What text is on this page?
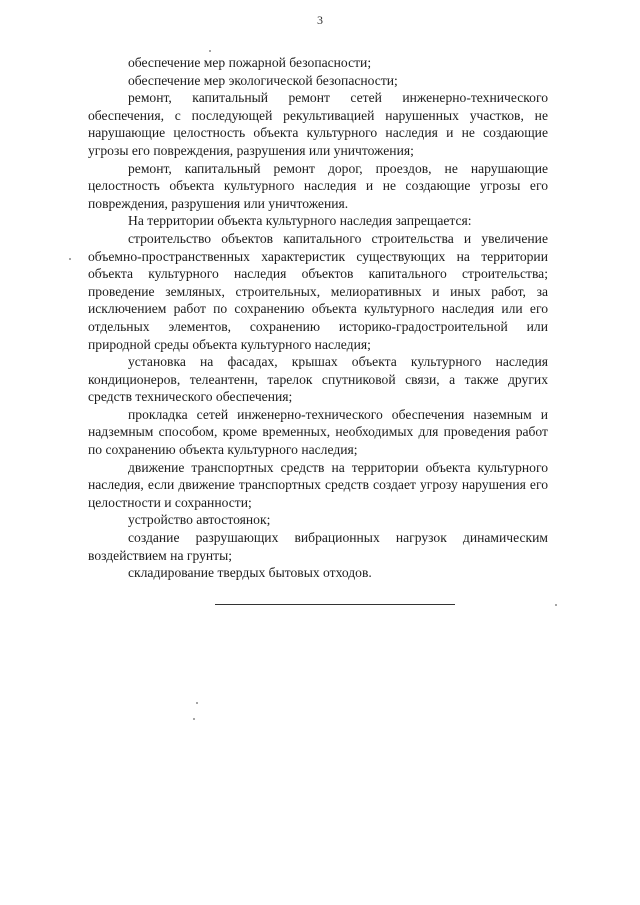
3

обеспечение мер пожарной безопасности;

обеспечение мер экологической безопасности;

ремонт, капитальный ремонт сетей инженерно-технического обеспечения, с последующей рекультивацией нарушенных участков, не нарушающие целостность объекта культурного наследия и не создающие угрозы его повреждения, разрушения или уничтожения;

ремонт, капитальный ремонт дорог, проездов, не нарушающие целостность объекта культурного наследия и не создающие угрозы его повреждения, разрушения или уничтожения.

На территории объекта культурного наследия запрещается:

строительство объектов капитального строительства и увеличение объемно-пространственных характеристик существующих на территории объекта культурного наследия объектов капитального строительства; проведение земляных, строительных, мелиоративных и иных работ, за исключением работ по сохранению объекта культурного наследия или его отдельных элементов, сохранению историко-градостроительной или природной среды объекта культурного наследия;

установка на фасадах, крышах объекта культурного наследия кондиционеров, телеантенн, тарелок спутниковой связи, а также других средств технического обеспечения;

прокладка сетей инженерно-технического обеспечения наземным и надземным способом, кроме временных, необходимых для проведения работ по сохранению объекта культурного наследия;

движение транспортных средств на территории объекта культурного наследия, если движение транспортных средств создает угрозу нарушения его целостности и сохранности;

устройство автостоянок;

создание разрушающих вибрационных нагрузок динамическим воздействием на грунты;

складирование твердых бытовых отходов.
